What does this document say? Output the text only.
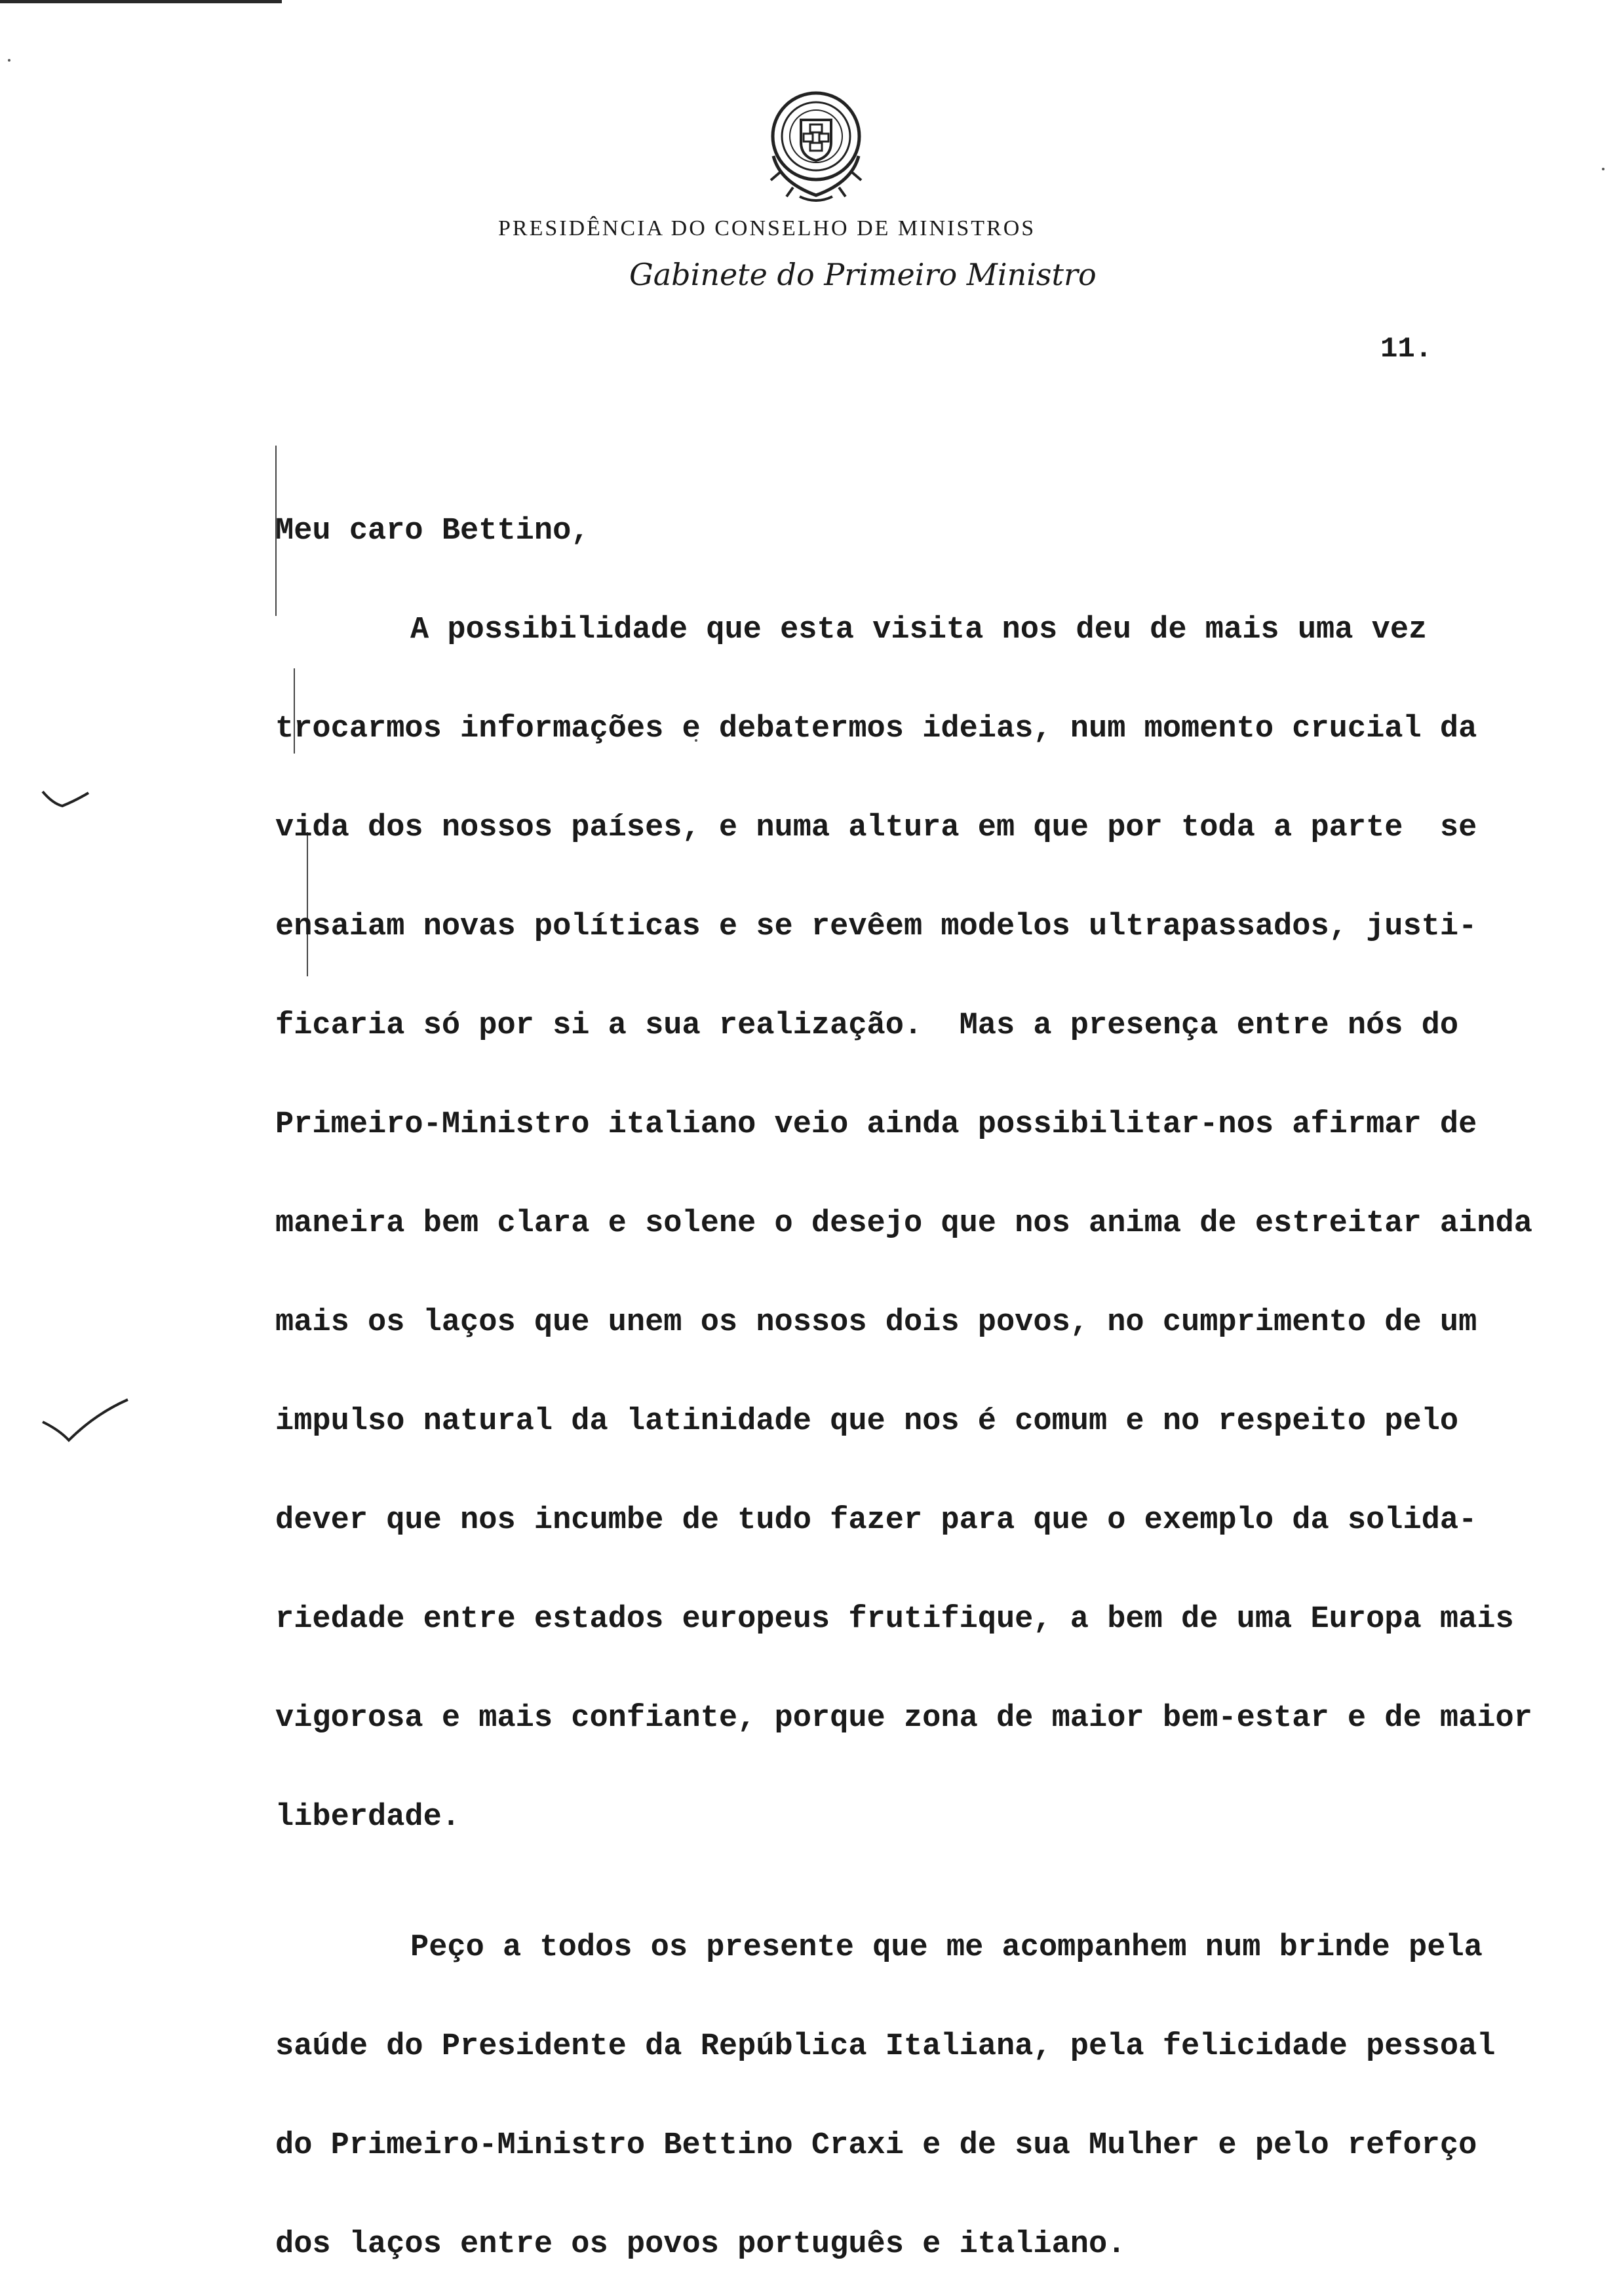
PRESIDÊNCIA DO CONSELHO DE MINISTROS
Gabinete do Primeiro Ministro
11.

Meu caro Bettino,

A possibilidade que esta visita nos deu de mais uma vez

trocarmos informações e debatermos ideias, num momento crucial da

vida dos nossos países, e numa altura em que por toda a parte  se

ensaiam novas políticas e se revêem modelos ultrapassados, justi-

ficaria só por si a sua realização.  Mas a presença entre nós do

Primeiro-Ministro italiano veio ainda possibilitar-nos afirmar de

maneira bem clara e solene o desejo que nos anima de estreitar ainda

mais os laços que unem os nossos dois povos, no cumprimento de um

impulso natural da latinidade que nos é comum e no respeito pelo

dever que nos incumbe de tudo fazer para que o exemplo da solida-

riedade entre estados europeus frutifique, a bem de uma Europa mais

vigorosa e mais confiante, porque zona de maior bem-estar e de maior

liberdade.

Peço a todos os presente que me acompanhem num brinde pela

saúde do Presidente da República Italiana, pela felicidade pessoal

do Primeiro-Ministro Bettino Craxi e de sua Mulher e pelo reforço

dos laços entre os povos português e italiano.
